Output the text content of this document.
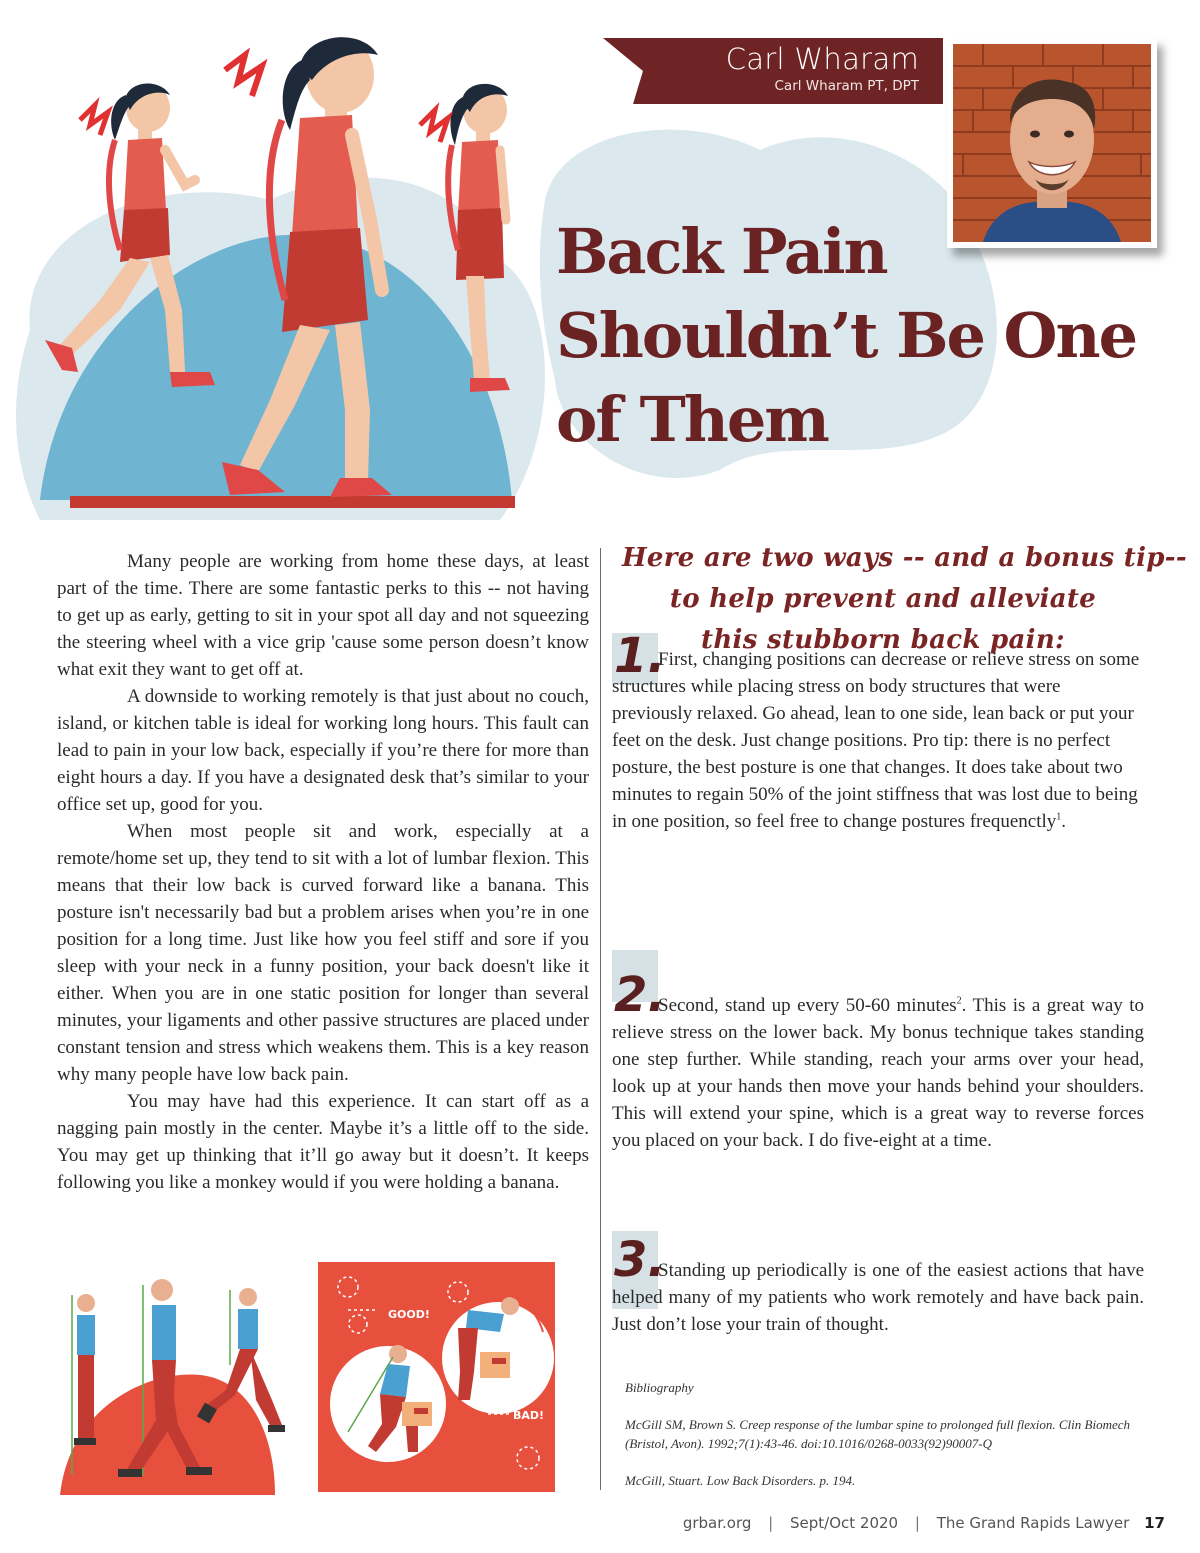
Carl Wharam
Carl Wharam PT, DPT
Back Pain
Shouldn’t Be One
of Them

Many people are working from home these days, at least part of the time. There are some fantastic perks to this -- not having to get up as early, getting to sit in your spot all day and not squeezing the steering wheel with a vice grip 'cause some person doesn’t know what exit they want to get off at.

A downside to working remotely is that just about no couch, island, or kitchen table is ideal for working long hours. This fault can lead to pain in your low back, especially if you’re there for more than eight hours a day. If you have a designated desk that’s similar to your office set up, good for you.

When most people sit and work, especially at a remote/home set up, they tend to sit with a lot of lumbar flexion. This means that their low back is curved forward like a banana. This posture isn't necessarily bad but a problem arises when you’re in one position for a long time. Just like how you feel stiff and sore if you sleep with your neck in a funny position, your back doesn't like it either. When you are in one static position for longer than several minutes, your ligaments and other passive structures are placed under constant tension and stress which weakens them. This is a key reason why many people have low back pain.

You may have had this experience. It can start off as a nagging pain mostly in the center. Maybe it’s a little off to the side. You may get up thinking that it’ll go away but it doesn’t. It keeps following you like a monkey would if you were holding a banana.

Here are two ways -- and a bonus tip--
to help prevent and alleviate
this stubborn back pain:
1.

First, changing positions can decrease or relieve stress on some structures while placing stress on body structures that were previously relaxed. Go ahead, lean to one side, lean back or put your feet on the desk. Just change positions. Pro tip: there is no perfect posture, the best posture is one that changes. It does take about two minutes to regain 50% of the joint stiffness that was lost due to being in one position, so feel free to change postures frequenctly$^1$.

2.

Second, stand up every 50-60 minutes$^2$. This is a great way to relieve stress on the lower back. My bonus technique takes standing one step further. While standing, reach your arms over your head, look up at your hands then move your hands behind your shoulders. This will extend your spine, which is a great way to reverse forces you placed on your back. I do five-eight at a time.

3.

Standing up periodically is one of the easiest actions that have helped many of my patients who work remotely and have back pain. Just don’t lose your train of thought.

Bibliography

McGill SM, Brown S. Creep response of the lumbar spine to prolonged full flexion. Clin Biomech (Bristol, Avon). 1992;7(1):43-46. doi:10.1016/0268-0033(92)90007-Q

McGill, Stuart. Low Back Disorders. p. 194.

GOOD!
BAD!
grbar.org | Sept/Oct 2020 | The Grand Rapids Lawyer 17
